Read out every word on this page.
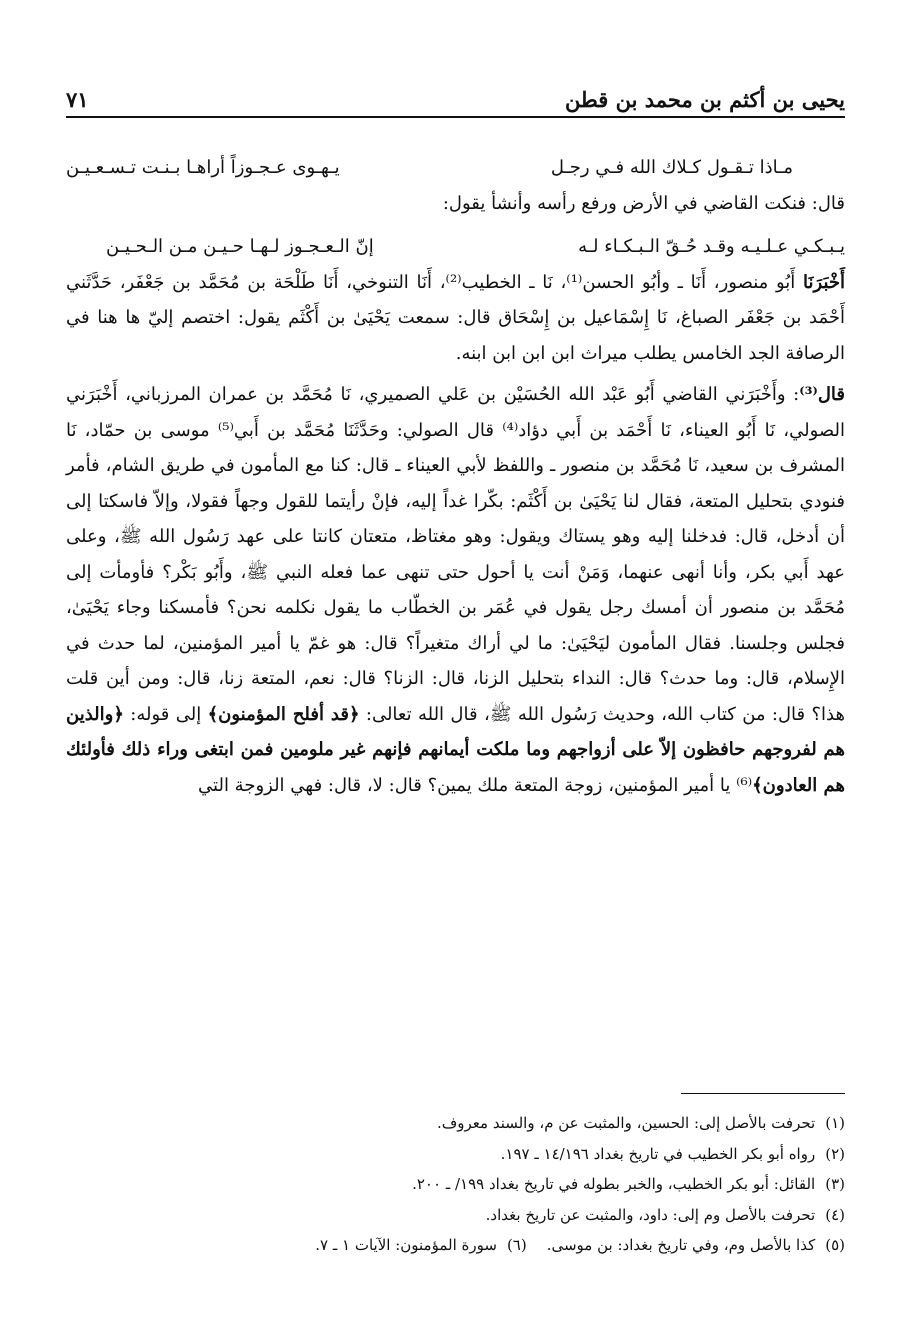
يحيى بن أكثم بن محمد بن قطن
٧١
مـاذا تـقـول كـلاك الله فـي رجـل
يـهـوى عـجـوزاً أراهـا بـنـت تـسـعـيـن

قال: فنكت القاضي في الأرض ورفع رأسه وأنشأ يقول:

يـبـكـي عـلـيـه وقـد حُـقّ الـبـكـاء لـه
إنّ الـعـجـوز لـهـا حـيـن مـن الـحـيـن

أَخْبَرَنَا أَبُو منصور، أَنَا ـ وأبُو الحسن⁽¹⁾، نَا ـ الخطيب⁽²⁾، أَنَا التنوخي، أَنَا طَلْحَة بن مُحَمَّد بن جَعْفَر، حَدَّثَني أَحْمَد بن جَعْفَر الصباغ، نَا إِسْمَاعيل بن إِسْحَاق قال: سمعت يَحْيَىٰ بن أَكْثَم يقول: اختصم إليّ ها هنا في الرصافة الجد الخامس يطلب ميراث ابن ابن ابن ابنه.

قال⁽³⁾: وأَخْبَرَني القاضي أَبُو عَبْد الله الحُسَيْن بن عَلي الصميري، نَا مُحَمَّد بن عمران المرزباني، أَخْبَرَني الصولي، نَا أَبُو العيناء، نَا أَحْمَد بن أَبي دؤاد⁽⁴⁾ قال الصولي: وحَدَّثَنَا مُحَمَّد بن أَبي⁽⁵⁾ موسى بن حمّاد، نَا المشرف بن سعيد، نَا مُحَمَّد بن منصور ـ واللفظ لأبي العيناء ـ قال: كنا مع المأمون في طريق الشام، فأمر فنودي بتحليل المتعة، فقال لنا يَحْيَىٰ بن أَكْثَم: بكّرا غداً إليه، فإنْ رأيتما للقول وجهاً فقولا، وإلاّ فاسكتا إلى أن أدخل، قال: فدخلنا إليه وهو يستاك ويقول: وهو مغتاظ، متعتان كانتا على عهد رَسُول الله ﷺ، وعلى عهد أَبي بكر، وأنا أنهى عنهما، وَمَنْ أنت يا أحول حتى تنهى عما فعله النبي ﷺ، وأَبُو بَكْر؟ فأومأت إلى مُحَمَّد بن منصور أن أمسك رجل يقول في عُمَر بن الخطّاب ما يقول نكلمه نحن؟ فأمسكنا وجاء يَحْيَىٰ، فجلس وجلسنا. فقال المأمون ليَحْيَىٰ: ما لي أراك متغيراً؟ قال: هو غمّ يا أمير المؤمنين، لما حدث في الإِسلام، قال: وما حدث؟ قال: النداء بتحليل الزنا، قال: الزنا؟ قال: نعم، المتعة زنا، قال: ومن أين قلت هذا؟ قال: من كتاب الله، وحديث رَسُول الله ﷺ، قال الله تعالى: ﴿قد أفلح المؤمنون﴾ إلى قوله: ﴿والذين هم لفروجهم حافظون إلاّ على أزواجهم وما ملكت أيمانهم فإنهم غير ملومين فمن ابتغى وراء ذلك فأولئك هم العادون﴾⁽⁶⁾ يا أمير المؤمنين، زوجة المتعة ملك يمين؟ قال: لا، قال: فهي الزوجة التي

(١)تحرفت بالأصل إلى: الحسين، والمثبت عن م، والسند معروف.
(٢)رواه أبو بكر الخطيب في تاريخ بغداد ١٤/١٩٦ ـ ١٩٧.
(٣)القائل: أبو بكر الخطيب، والخبر بطوله في تاريخ بغداد ١٩٩/ ـ ٢٠٠.
(٤)تحرفت بالأصل وم إلى: داود، والمثبت عن تاريخ بغداد.
(٥)كذا بالأصل وم، وفي تاريخ بغداد: بن موسى.(٦)سورة المؤمنون: الآيات ١ ـ ٧.
